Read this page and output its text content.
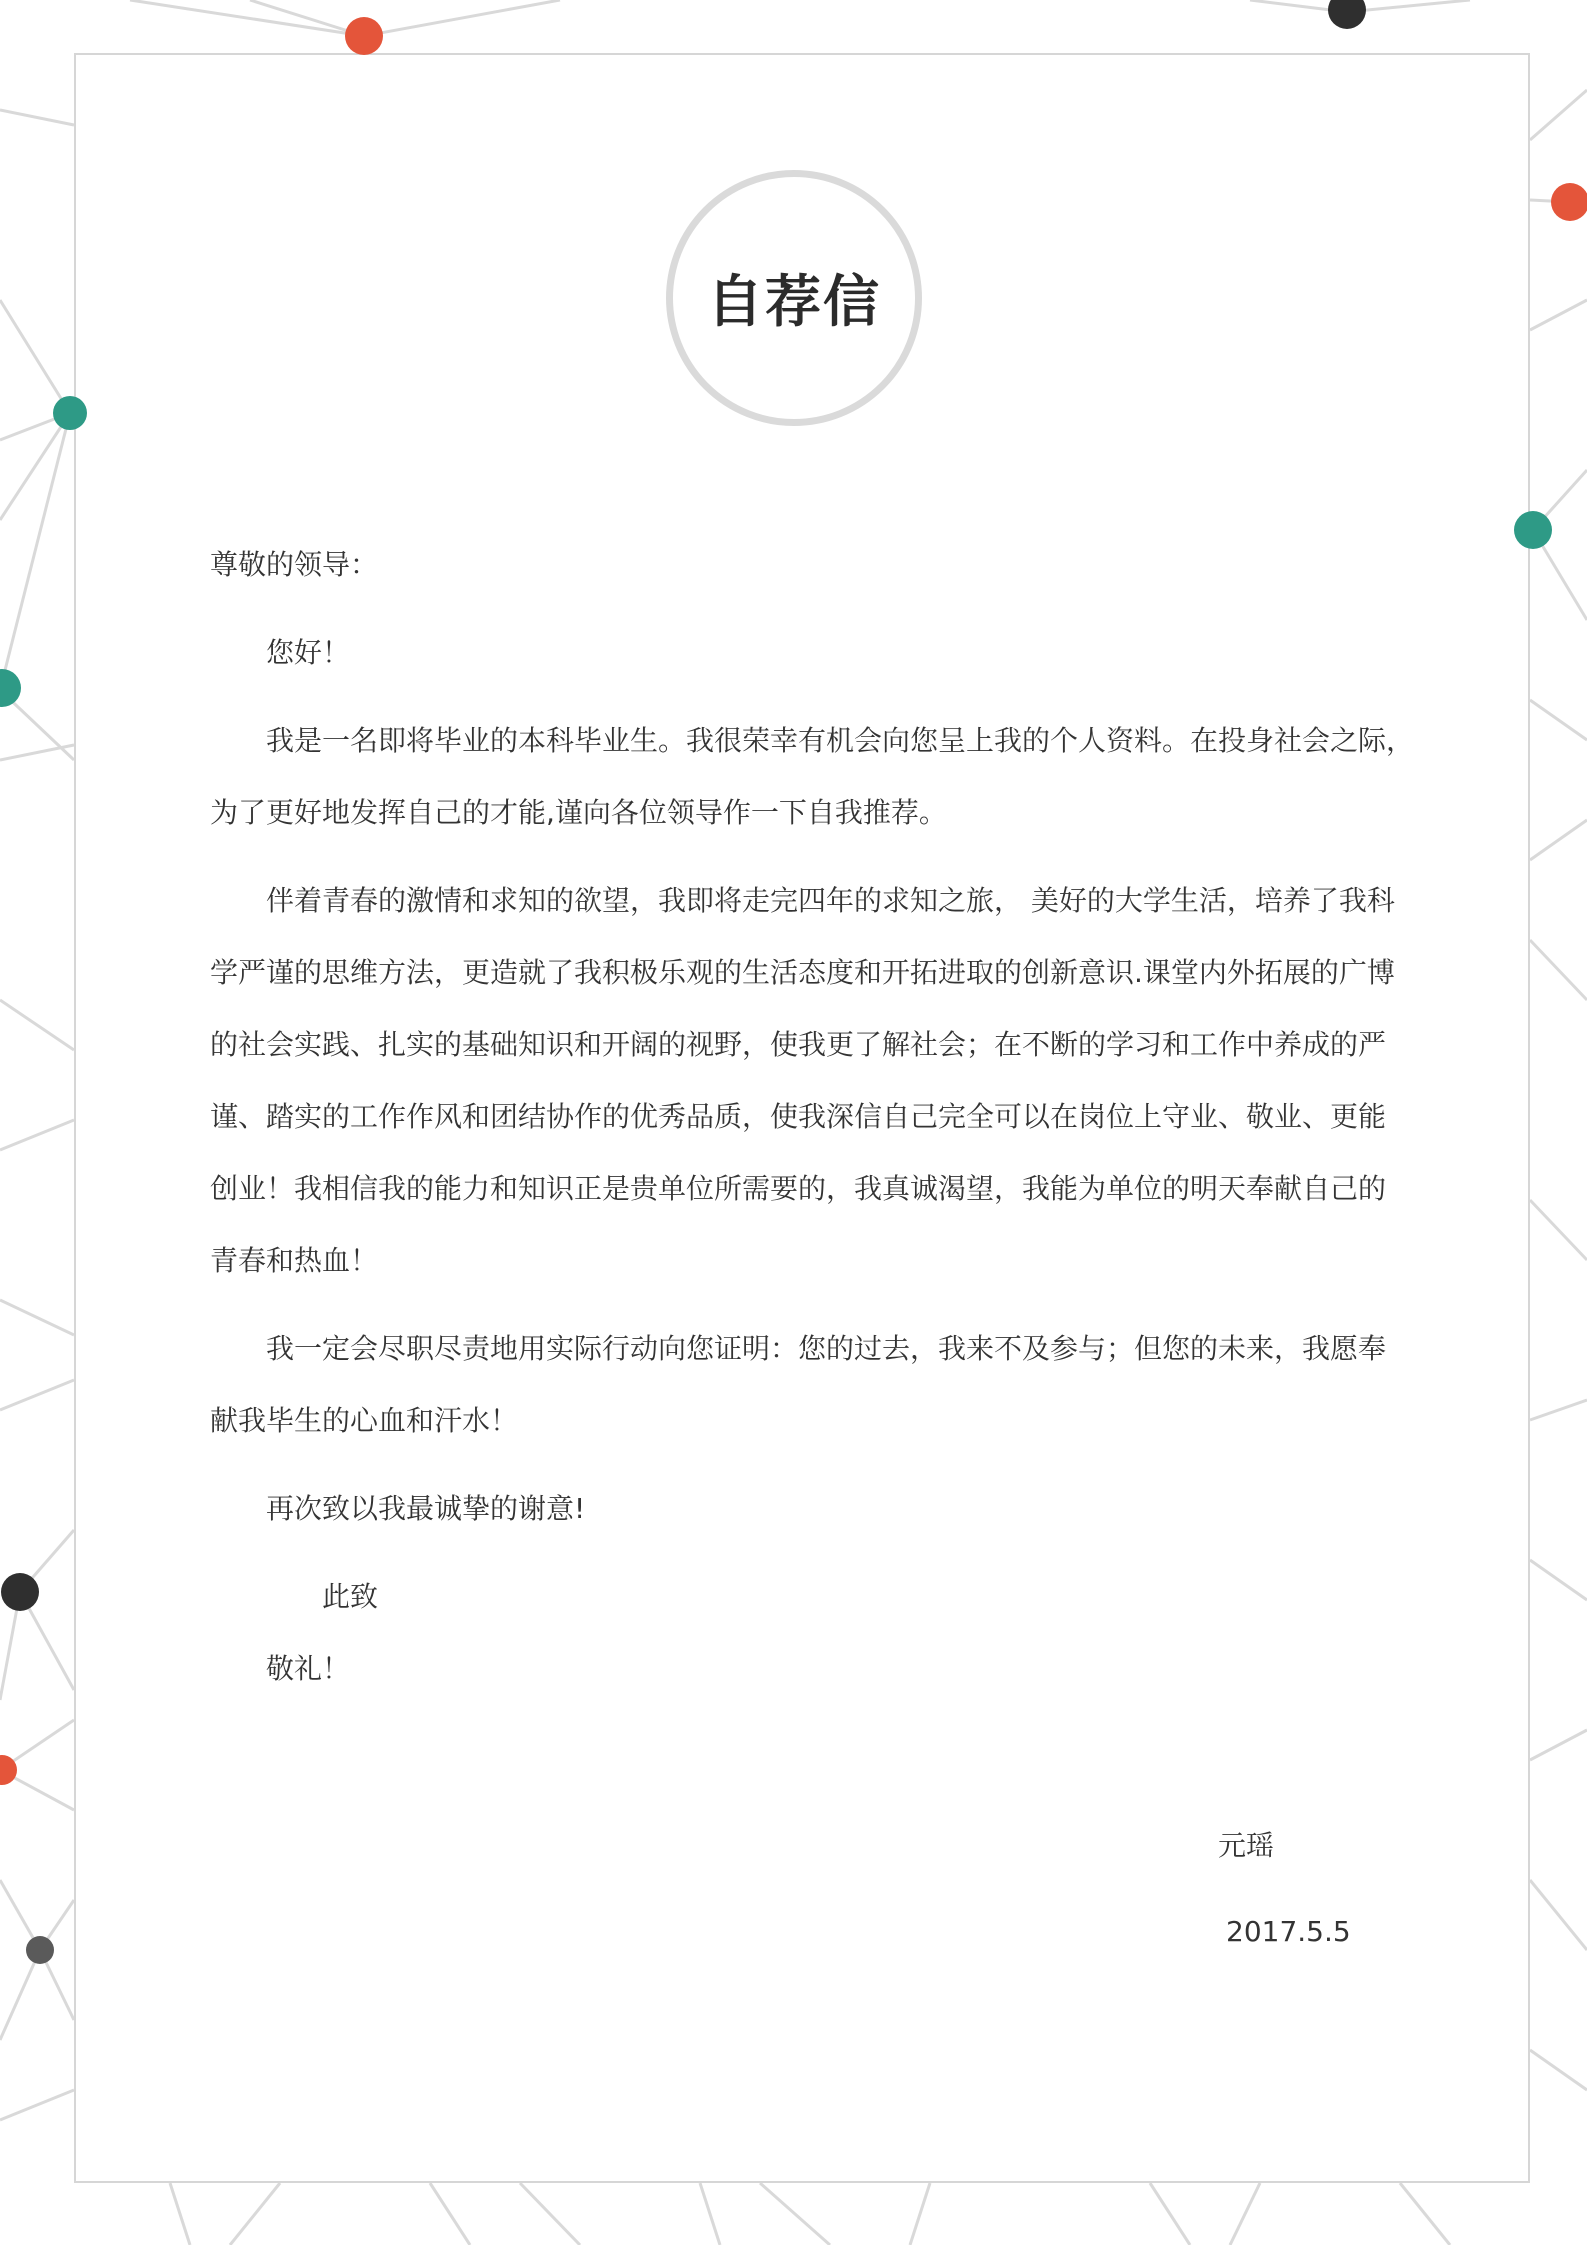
自荐信
尊敬的领导：
您好！
我是一名即将毕业的本科毕业生。我很荣幸有机会向您呈上我的个人资料。在投身社会之际，
为了更好地发挥自己的才能,谨向各位领导作一下自我推荐。
伴着青春的激情和求知的欲望，我即将走完四年的求知之旅， 美好的大学生活，培养了我科
学严谨的思维方法，更造就了我积极乐观的生活态度和开拓进取的创新意识.课堂内外拓展的广博
的社会实践、扎实的基础知识和开阔的视野，使我更了解社会；在不断的学习和工作中养成的严
谨、踏实的工作作风和团结协作的优秀品质，使我深信自己完全可以在岗位上守业、敬业、更能
创业！我相信我的能力和知识正是贵单位所需要的，我真诚渴望，我能为单位的明天奉献自己的
青春和热血！
我一定会尽职尽责地用实际行动向您证明：您的过去，我来不及参与；但您的未来，我愿奉
献我毕生的心血和汗水！
再次致以我最诚挚的谢意!
此致
敬礼！
元瑶
2017.5.5
